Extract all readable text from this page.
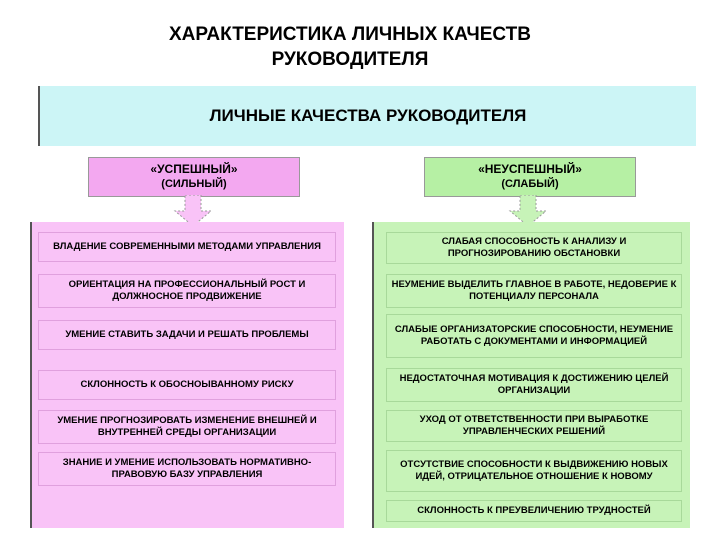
ХАРАКТЕРИСТИКА ЛИЧНЫХ КАЧЕСТВ
РУКОВОДИТЕЛЯ
ЛИЧНЫЕ КАЧЕСТВА РУКОВОДИТЕЛЯ
«УСПЕШНЫЙ»
(СИЛЬНЫЙ)
«НЕУСПЕШНЫЙ»
(СЛАБЫЙ)
ВЛАДЕНИЕ СОВРЕМЕННЫМИ МЕТОДАМИ УПРАВЛЕНИЯ
ОРИЕНТАЦИЯ НА ПРОФЕССИОНАЛЬНЫЙ РОСТ И ДОЛЖНОСНОЕ ПРОДВИЖЕНИЕ
УМЕНИЕ СТАВИТЬ ЗАДАЧИ И РЕШАТЬ ПРОБЛЕМЫ
СКЛОННОСТЬ К ОБОСНОЫВАННОМУ РИСКУ
УМЕНИЕ ПРОГНОЗИРОВАТЬ ИЗМЕНЕНИЕ ВНЕШНЕЙ И ВНУТРЕННЕЙ СРЕДЫ ОРГАНИЗАЦИИ
ЗНАНИЕ И УМЕНИЕ ИСПОЛЬЗОВАТЬ НОРМАТИВНО-ПРАВОВУЮ БАЗУ УПРАВЛЕНИЯ
СЛАБАЯ СПОСОБНОСТЬ К АНАЛИЗУ И ПРОГНОЗИРОВАНИЮ ОБСТАНОВКИ
НЕУМЕНИЕ ВЫДЕЛИТЬ ГЛАВНОЕ В РАБОТЕ, НЕДОВЕРИЕ К ПОТЕНЦИАЛУ ПЕРСОНАЛА
СЛАБЫЕ ОРГАНИЗАТОРСКИЕ СПОСОБНОСТИ, НЕУМЕНИЕ РАБОТАТЬ С ДОКУМЕНТАМИ И ИНФОРМАЦИЕЙ
НЕДОСТАТОЧНАЯ МОТИВАЦИЯ К ДОСТИЖЕНИЮ ЦЕЛЕЙ ОРГАНИЗАЦИИ
УХОД ОТ ОТВЕТСТВЕННОСТИ ПРИ ВЫРАБОТКЕ УПРАВЛЕНЧЕСКИХ РЕШЕНИЙ
ОТСУТСТВИЕ СПОСОБНОСТИ К ВЫДВИЖЕНИЮ НОВЫХ ИДЕЙ, ОТРИЦАТЕЛЬНОЕ ОТНОШЕНИЕ К НОВОМУ
СКЛОННОСТЬ К ПРЕУВЕЛИЧЕНИЮ ТРУДНОСТЕЙ
